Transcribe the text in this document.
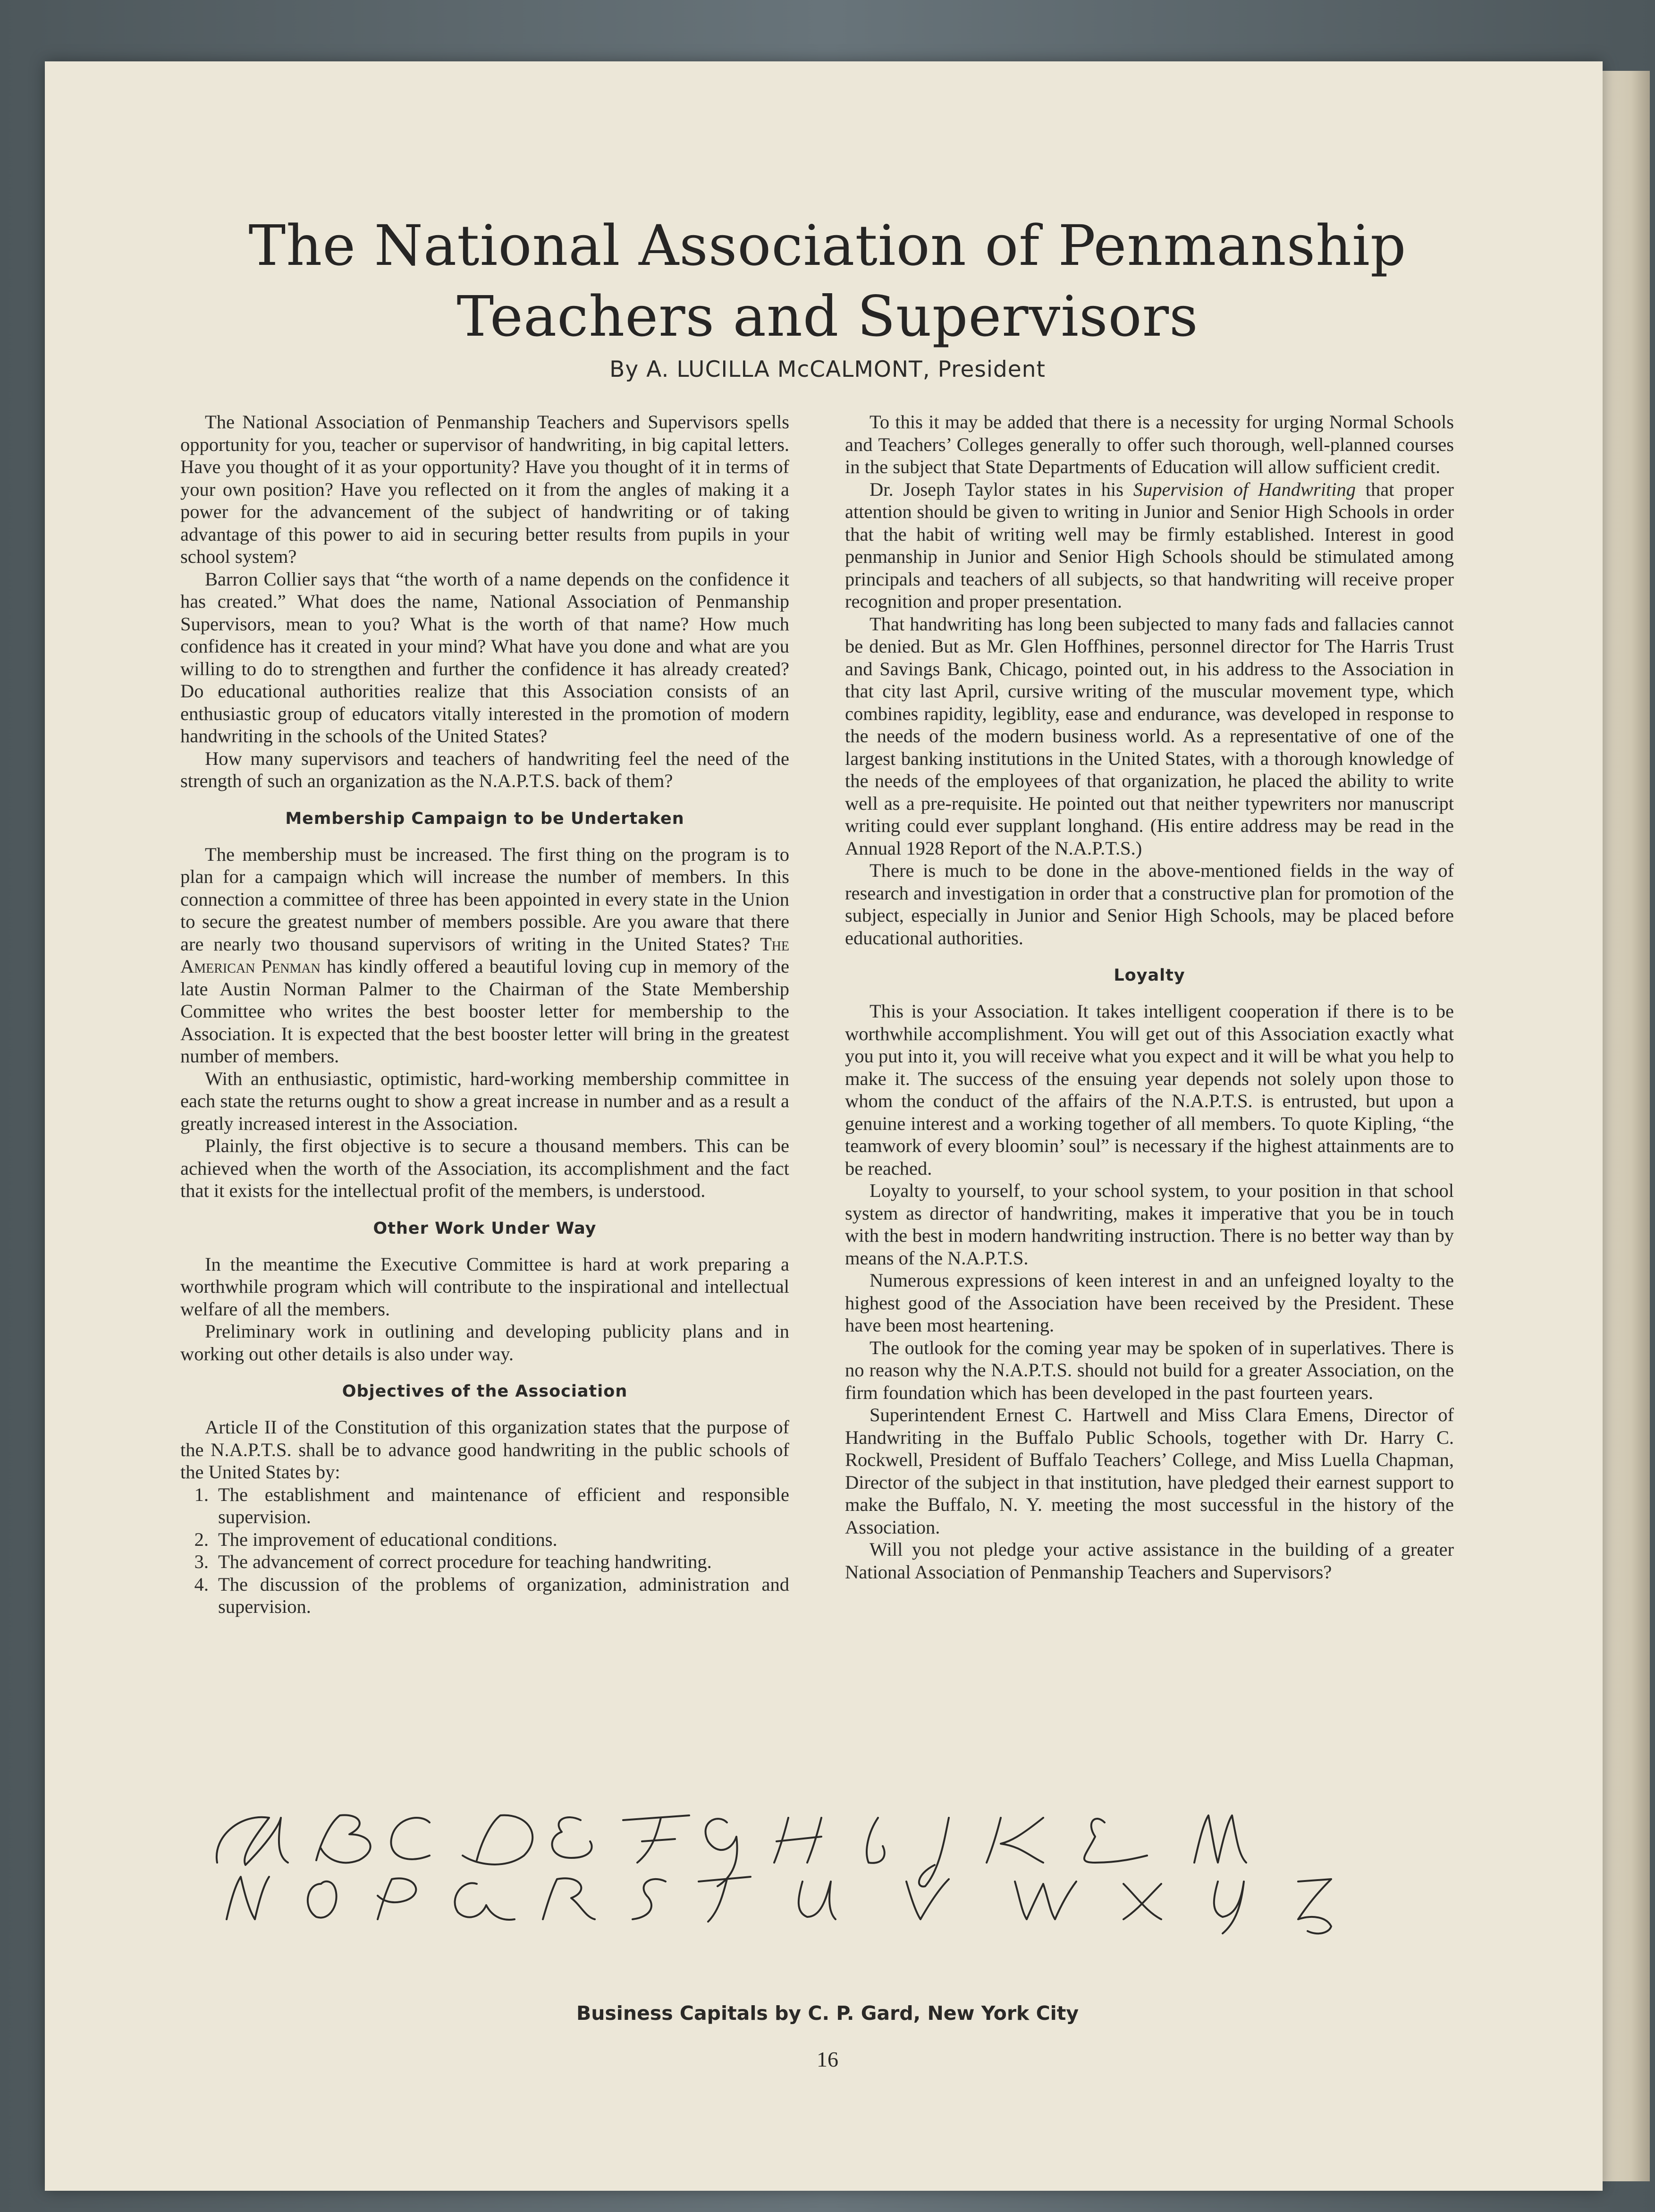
The National Association of Penmanship
Teachers and Supervisors
By A. LUCILLA McCALMONT, President

The National Association of Penmanship Teachers and Supervisors spells opportunity for you, teacher or supervisor of handwriting, in big capital letters. Have you thought of it as your opportunity? Have you thought of it in terms of your own position? Have you reflected on it from the angles of making it a power for the advancement of the subject of handwriting or of taking advantage of this power to aid in securing better results from pupils in your school system?

Barron Collier says that “the worth of a name depends on the confidence it has created.” What does the name, National Association of Penmanship Supervisors, mean to you? What is the worth of that name? How much confidence has it created in your mind? What have you done and what are you willing to do to strengthen and further the confidence it has already created? Do educational authorities realize that this Association consists of an enthusiastic group of educators vitally interested in the promotion of modern handwriting in the schools of the United States?

How many supervisors and teachers of handwriting feel the need of the strength of such an organization as the N.A.P.T.S. back of them?

Membership Campaign to be Undertaken

The membership must be increased. The first thing on the program is to plan for a campaign which will increase the number of members. In this connection a committee of three has been appointed in every state in the Union to secure the greatest number of members possible. Are you aware that there are nearly two thousand supervisors of writing in the United States? The American Penman has kindly offered a beautiful loving cup in memory of the late Austin Norman Palmer to the Chairman of the State Membership Committee who writes the best booster letter for membership to the Association. It is expected that the best booster letter will bring in the greatest number of members.

With an enthusiastic, optimistic, hard-working membership committee in each state the returns ought to show a great increase in number and as a result a greatly increased interest in the Association.

Plainly, the first objective is to secure a thousand members. This can be achieved when the worth of the Association, its accomplishment and the fact that it exists for the intellectual profit of the members, is understood.

Other Work Under Way

In the meantime the Executive Committee is hard at work preparing a worthwhile program which will contribute to the inspirational and intellectual welfare of all the members.

Preliminary work in outlining and developing publicity plans and in working out other details is also under way.

Objectives of the Association

Article II of the Constitution of this organization states that the purpose of the N.A.P.T.S. shall be to advance good handwriting in the public schools of the United States by:

1. The establishment and maintenance of efficient and responsible supervision.
2. The improvement of educational conditions.
3. The advancement of correct procedure for teaching handwriting.
4. The discussion of the problems of organization, administration and supervision.

To this it may be added that there is a necessity for urging Normal Schools and Teachers’ Colleges generally to offer such thorough, well-planned courses in the subject that State Departments of Education will allow sufficient credit.

Dr. Joseph Taylor states in his Supervision of Handwriting that proper attention should be given to writing in Junior and Senior High Schools in order that the habit of writing well may be firmly established. Interest in good penmanship in Junior and Senior High Schools should be stimulated among principals and teachers of all subjects, so that handwriting will receive proper recognition and proper presentation.

That handwriting has long been subjected to many fads and fallacies cannot be denied. But as Mr. Glen Hoffhines, personnel director for The Harris Trust and Savings Bank, Chicago, pointed out, in his address to the Association in that city last April, cursive writing of the muscular movement type, which combines rapidity, legiblity, ease and endurance, was developed in response to the needs of the modern business world. As a representative of one of the largest banking institutions in the United States, with a thorough knowledge of the needs of the employees of that organization, he placed the ability to write well as a pre-requisite. He pointed out that neither typewriters nor manuscript writing could ever supplant longhand. (His entire address may be read in the Annual 1928 Report of the N.A.P.T.S.)

There is much to be done in the above-mentioned fields in the way of research and investigation in order that a constructive plan for promotion of the subject, especially in Junior and Senior High Schools, may be placed before educational authorities.

Loyalty

This is your Association. It takes intelligent cooperation if there is to be worthwhile accomplishment. You will get out of this Association exactly what you put into it, you will receive what you expect and it will be what you help to make it. The success of the ensuing year depends not solely upon those to whom the conduct of the affairs of the N.A.P.T.S. is entrusted, but upon a genuine interest and a working together of all members. To quote Kipling, “the teamwork of every bloomin’ soul” is necessary if the highest attainments are to be reached.

Loyalty to yourself, to your school system, to your position in that school system as director of handwriting, makes it imperative that you be in touch with the best in modern handwriting instruction. There is no better way than by means of the N.A.P.T.S.

Numerous expressions of keen interest in and an unfeigned loyalty to the highest good of the Association have been received by the President. These have been most heartening.

The outlook for the coming year may be spoken of in superlatives. There is no reason why the N.A.P.T.S. should not build for a greater Association, on the firm foundation which has been developed in the past fourteen years.

Superintendent Ernest C. Hartwell and Miss Clara Emens, Director of Handwriting in the Buffalo Public Schools, together with Dr. Harry C. Rockwell, President of Buffalo Teachers’ College, and Miss Luella Chapman, Director of the subject in that institution, have pledged their earnest support to make the Buffalo, N. Y. meeting the most successful in the history of the Association.

Will you not pledge your active assistance in the building of a greater National Association of Penmanship Teachers and Supervisors?

Business Capitals by C. P. Gard, New York City
16
